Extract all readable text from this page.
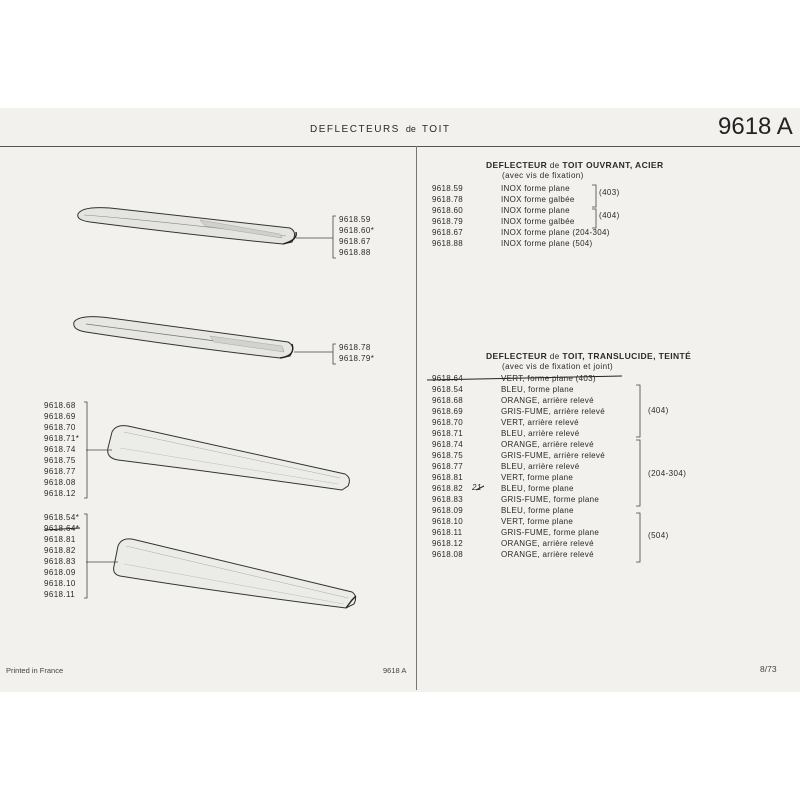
DEFLECTEURS de TOIT	9618 A
9618.59
9618.60*
9618.67
9618.88
9618.78
9618.79*
9618.68
9618.69
9618.70
9618.71*
9618.74
9618.75
9618.77
9618.08
9618.12
9618.54*
9618.64*
9618.81
9618.82
9618.83
9618.09
9618.10
9618.11
DEFLECTEUR de TOIT OUVRANT, ACIER
(avec vis de fixation)
9618.59	INOX forme plane
9618.78	INOX forme galbée
9618.60	INOX forme plane
9618.79	INOX forme galbée
9618.67	INOX forme plane (204-304)
9618.88	INOX forme plane (504)
(403)
(404)
DEFLECTEUR de TOIT, TRANSLUCIDE, TEINTÉ
(avec vis de fixation et joint)
9618.64	VERT, forme plane (403)
9618.54	BLEU, forme plane
9618.68	ORANGE, arrière relevé
9618.69	GRIS-FUME, arrière relevé
9618.70	VERT, arrière relevé
9618.71	BLEU, arrière relevé
9618.74	ORANGE, arrière relevé
9618.75	GRIS-FUME, arrière relevé
9618.77	BLEU, arrière relevé
9618.81	VERT, forme plane
9618.82	BLEU, forme plane
9618.83	GRIS-FUME, forme plane
9618.09	BLEU, forme plane
9618.10	VERT, forme plane
9618.11	GRIS-FUME, forme plane
9618.12	ORANGE, arrière relevé
9618.08	ORANGE, arrière relevé
(404)
(204-304)
(504)
21
Printed in France	9618 A	8/73
